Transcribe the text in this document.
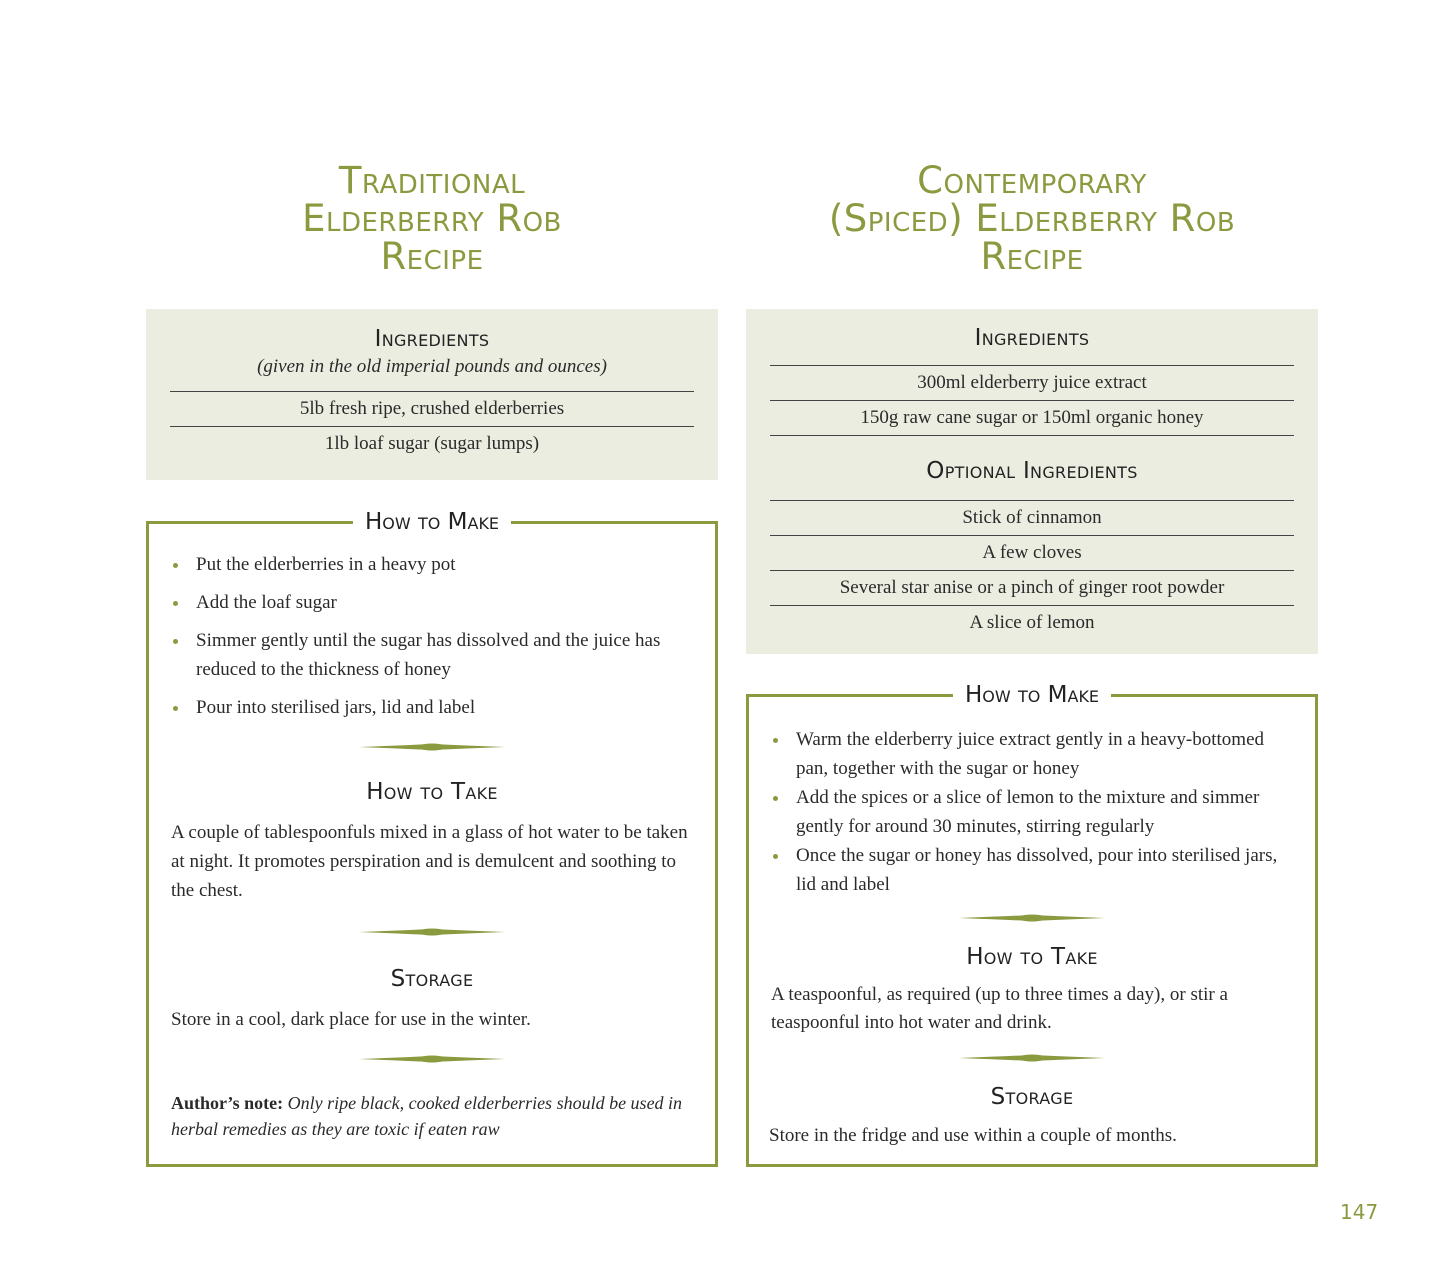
Traditional
Elderberry Rob
Recipe
Ingredients
(given in the old imperial pounds and ounces)
5lb fresh ripe, crushed elderberries
1lb loaf sugar (sugar lumps)
How to Make
Put the elderberries in a heavy pot
Add the loaf sugar
Simmer gently until the sugar has dissolved and the juice has reduced to the thickness of honey
Pour into sterilised jars, lid and label
How to Take
A couple of tablespoonfuls mixed in a glass of hot water to be taken at night. It promotes perspiration and is demulcent and soothing to the chest.
Storage
Store in a cool, dark place for use in the winter.
Author’s note: Only ripe black, cooked elderberries should be used in herbal remedies as they are toxic if eaten raw
Contemporary
(Spiced) Elderberry Rob
Recipe
Ingredients
300ml elderberry juice extract
150g raw cane sugar or 150ml organic honey
Optional Ingredients
Stick of cinnamon
A few cloves
Several star anise or a pinch of ginger root powder
A slice of lemon
How to Make
Warm the elderberry juice extract gently in a heavy-bottomed pan, together with the sugar or honey
Add the spices or a slice of lemon to the mixture and simmer gently for around 30 minutes, stirring regularly
Once the sugar or honey has dissolved, pour into sterilised jars, lid and label
How to Take
A teaspoonful, as required (up to three times a day), or stir a teaspoonful into hot water and drink.
Storage
Store in the fridge and use within a couple of months.
147
